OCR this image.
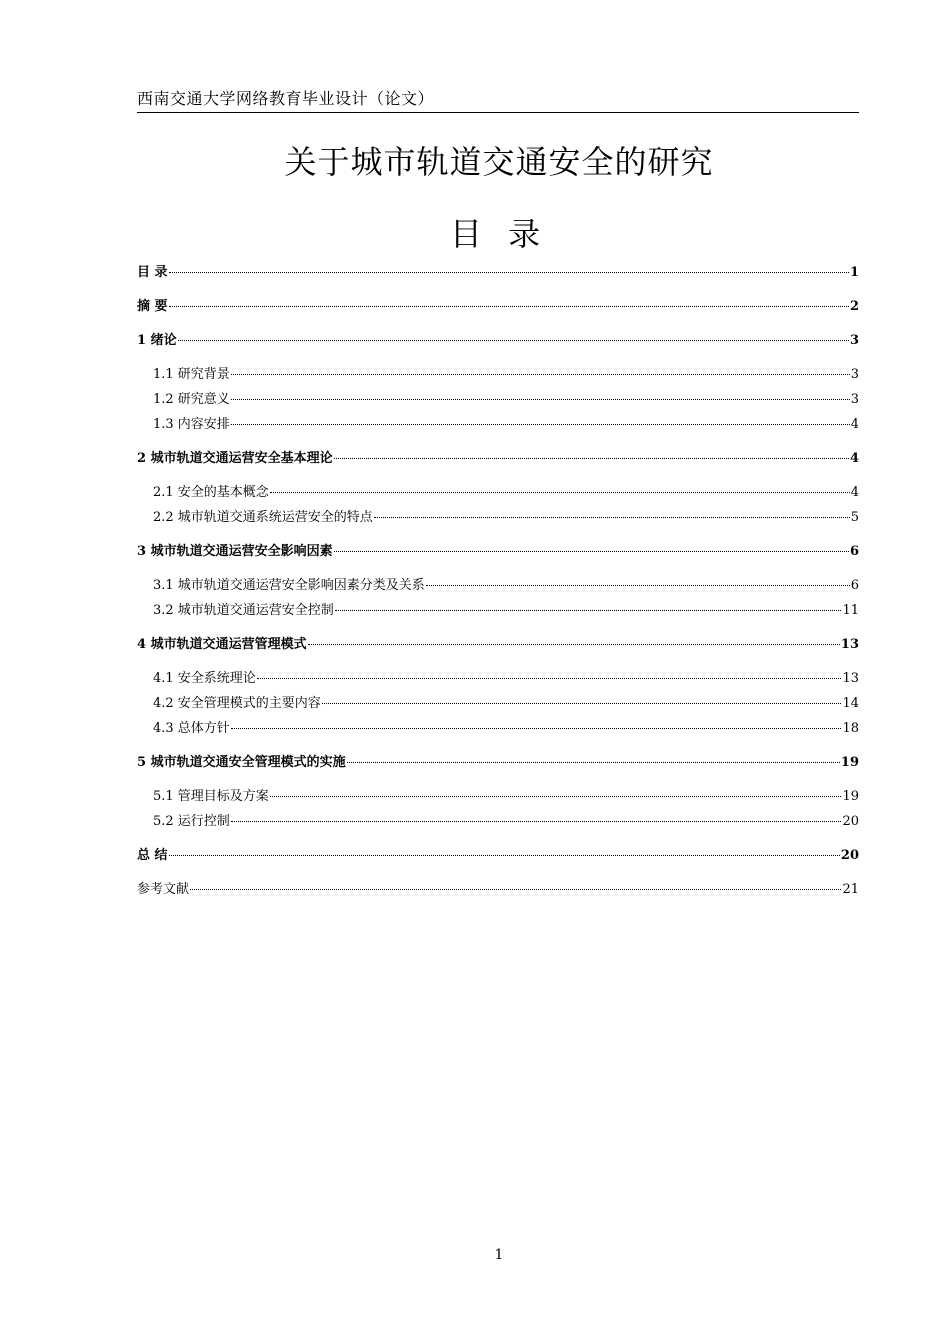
西南交通大学网络教育毕业设计（论文）
关于城市轨道交通安全的研究
目 录
目 录	1
摘 要	2
1 绪论	3
1.1 研究背景	3
1.2 研究意义	3
1.3 内容安排	4
2 城市轨道交通运营安全基本理论	4
2.1 安全的基本概念	4
2.2 城市轨道交通系统运营安全的特点	5
3 城市轨道交通运营安全影响因素	6
3.1 城市轨道交通运营安全影响因素分类及关系	6
3.2 城市轨道交通运营安全控制	11
4 城市轨道交通运营管理模式	13
4.1 安全系统理论	13
4.2 安全管理模式的主要内容	14
4.3 总体方针	18
5 城市轨道交通安全管理模式的实施	19
5.1 管理目标及方案	19
5.2 运行控制	20
总 结	20
参考文献	21
1
